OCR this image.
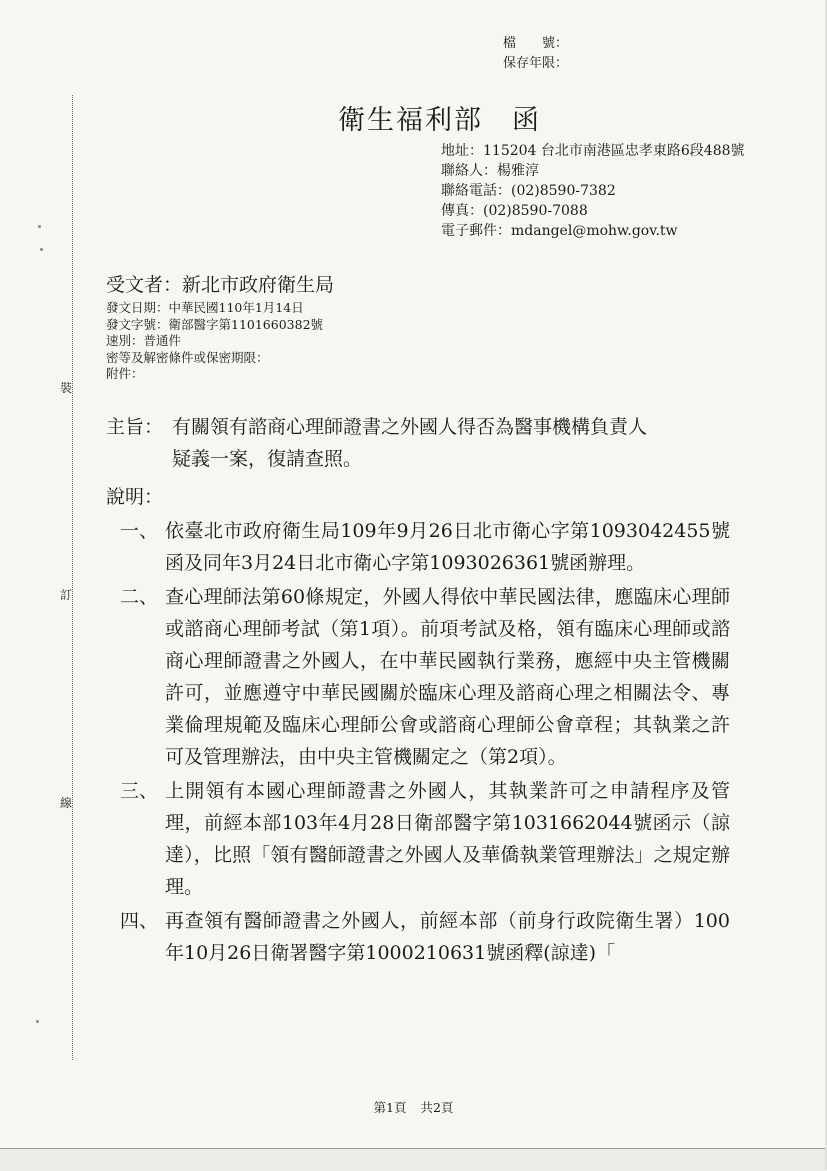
裝
訂
線
檔　　號：
保存年限：
衛生福利部　函
地址：115204 台北市南港區忠孝東路6段488號
聯絡人：楊雅淳
聯絡電話：(02)8590-7382
傳真：(02)8590-7088
電子郵件：mdangel@mohw.gov.tw
受文者：新北市政府衛生局
發文日期：中華民國110年1月14日
發文字號：衛部醫字第1101660382號
速別：普通件
密等及解密條件或保密期限：
附件：
主旨： 有關領有諮商心理師證書之外國人得否為醫事機構負責人
疑義一案，復請查照。
說明：
一、 依臺北市政府衛生局109年9月26日北市衛心字第1093042455號函及同年3月24日北市衛心字第1093026361號函辦理。
二、 查心理師法第60條規定，外國人得依中華民國法律，應臨床心理師或諮商心理師考試（第1項）。前項考試及格，領有臨床心理師或諮商心理師證書之外國人，在中華民國執行業務，應經中央主管機關許可，並應遵守中華民國關於臨床心理及諮商心理之相關法令、專業倫理規範及臨床心理師公會或諮商心理師公會章程；其執業之許可及管理辦法，由中央主管機關定之（第2項）。
三、 上開領有本國心理師證書之外國人，其執業許可之申請程序及管理，前經本部103年4月28日衛部醫字第1031662044號函示（諒達），比照「領有醫師證書之外國人及華僑執業管理辦法」之規定辦理。
四、 再查領有醫師證書之外國人，前經本部（前身行政院衛生署）100年10月26日衛署醫字第1000210631號函釋(諒達)「
第1頁 共2頁
